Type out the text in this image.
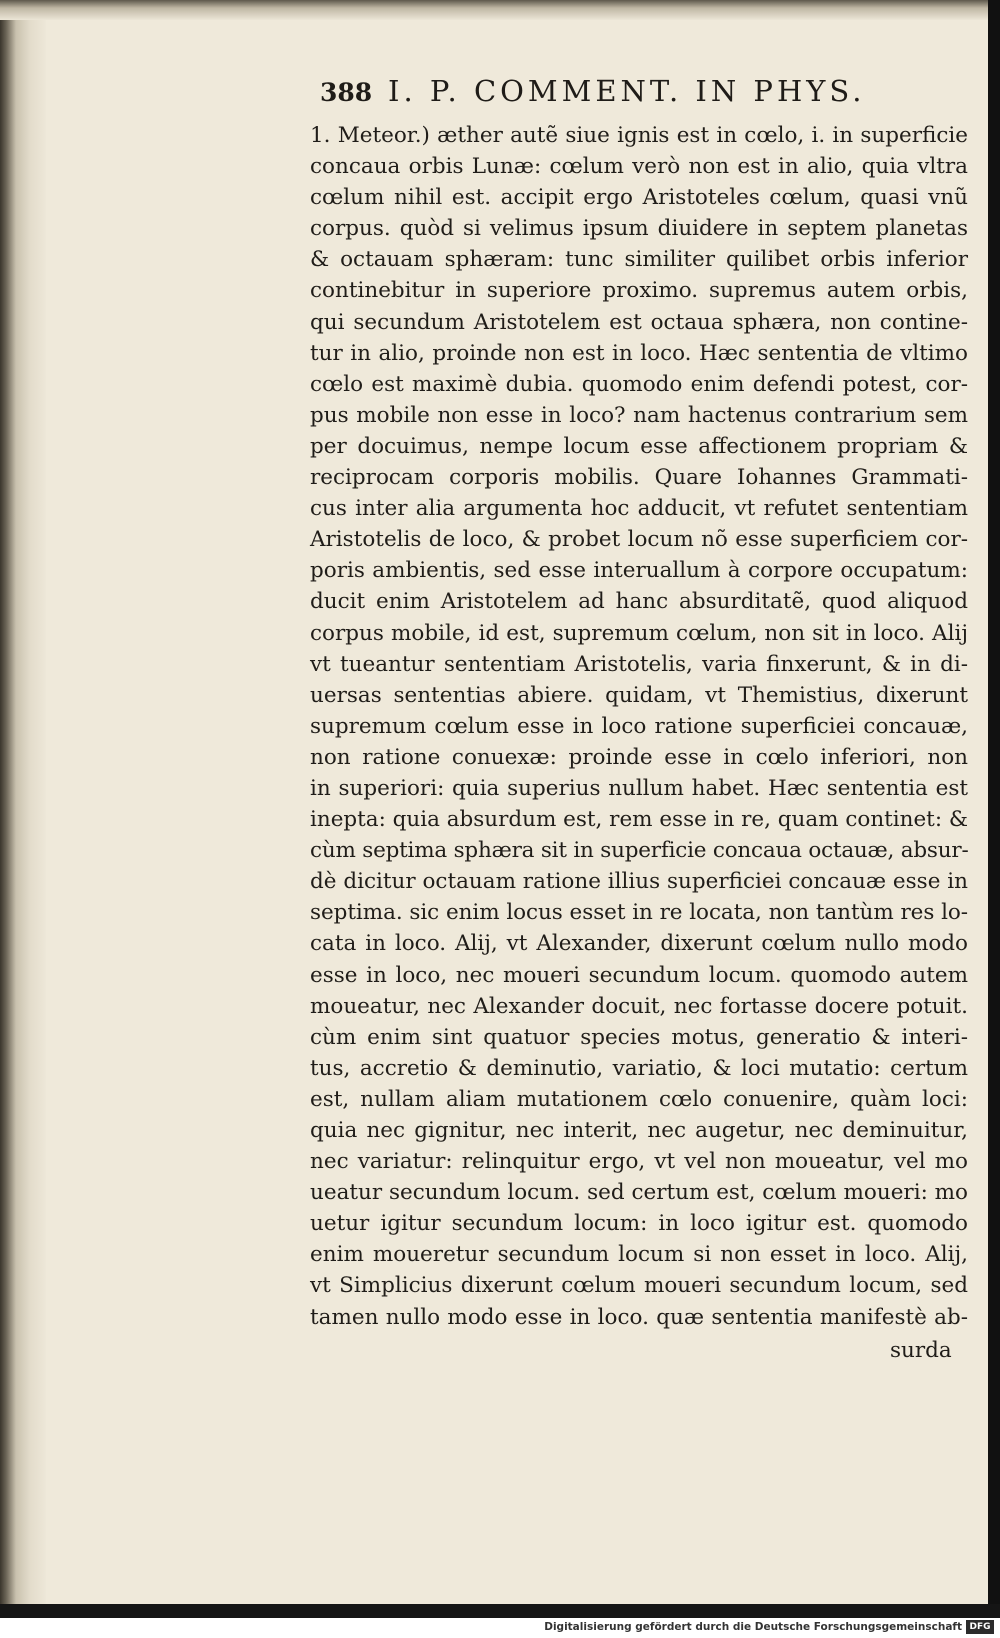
388 I. P. COMMENT. IN PHYS.
1. Meteor.) æther autẽ siue ignis est in cœlo, i. in superficie
concaua orbis Lunæ: cœlum verò non est in alio, quia vltra
cœlum nihil est. accipit ergo Aristoteles cœlum, quasi vnũ
corpus. quòd si velimus ipsum diuidere in septem planetas
& octauam sphæram: tunc similiter quilibet orbis inferior
continebitur in superiore proximo. supremus autem orbis,
qui secundum Aristotelem est octaua sphæra, non contine-
tur in alio, proinde non est in loco. Hæc sententia de vltimo
cœlo est maximè dubia. quomodo enim defendi potest, cor-
pus mobile non esse in loco? nam hactenus contrarium sem
per docuimus, nempe locum esse affectionem propriam &
reciprocam corporis mobilis. Quare Iohannes Grammati-
cus inter alia argumenta hoc adducit, vt refutet sententiam
Aristotelis de loco, & probet locum nõ esse superficiem cor-
poris ambientis, sed esse interuallum à corpore occupatum:
ducit enim Aristotelem ad hanc absurditatẽ, quod aliquod
corpus mobile, id est, supremum cœlum, non sit in loco. Alij
vt tueantur sententiam Aristotelis, varia finxerunt, & in di-
uersas sententias abiere. quidam, vt Themistius, dixerunt
supremum cœlum esse in loco ratione superficiei concauæ,
non ratione conuexæ: proinde esse in cœlo inferiori, non
in superiori: quia superius nullum habet. Hæc sententia est
inepta: quia absurdum est, rem esse in re, quam continet: &
cùm septima sphæra sit in superficie concaua octauæ, absur-
dè dicitur octauam ratione illius superficiei concauæ esse in
septima. sic enim locus esset in re locata, non tantùm res lo-
cata in loco. Alij, vt Alexander, dixerunt cœlum nullo modo
esse in loco, nec moueri secundum locum. quomodo autem
moueatur, nec Alexander docuit, nec fortasse docere potuit.
cùm enim sint quatuor species motus, generatio & interi-
tus, accretio & deminutio, variatio, & loci mutatio: certum
est, nullam aliam mutationem cœlo conuenire, quàm loci:
quia nec gignitur, nec interit, nec augetur, nec deminuitur,
nec variatur: relinquitur ergo, vt vel non moueatur, vel mo
ueatur secundum locum. sed certum est, cœlum moueri: mo
uetur igitur secundum locum: in loco igitur est. quomodo
enim moueretur secundum locum si non esset in loco. Alij,
vt Simplicius dixerunt cœlum moueri secundum locum, sed
tamen nullo modo esse in loco. quæ sententia manifestè ab-
surda
Digitalisierung gefördert durch die Deutsche Forschungsgemeinschaft DFG
